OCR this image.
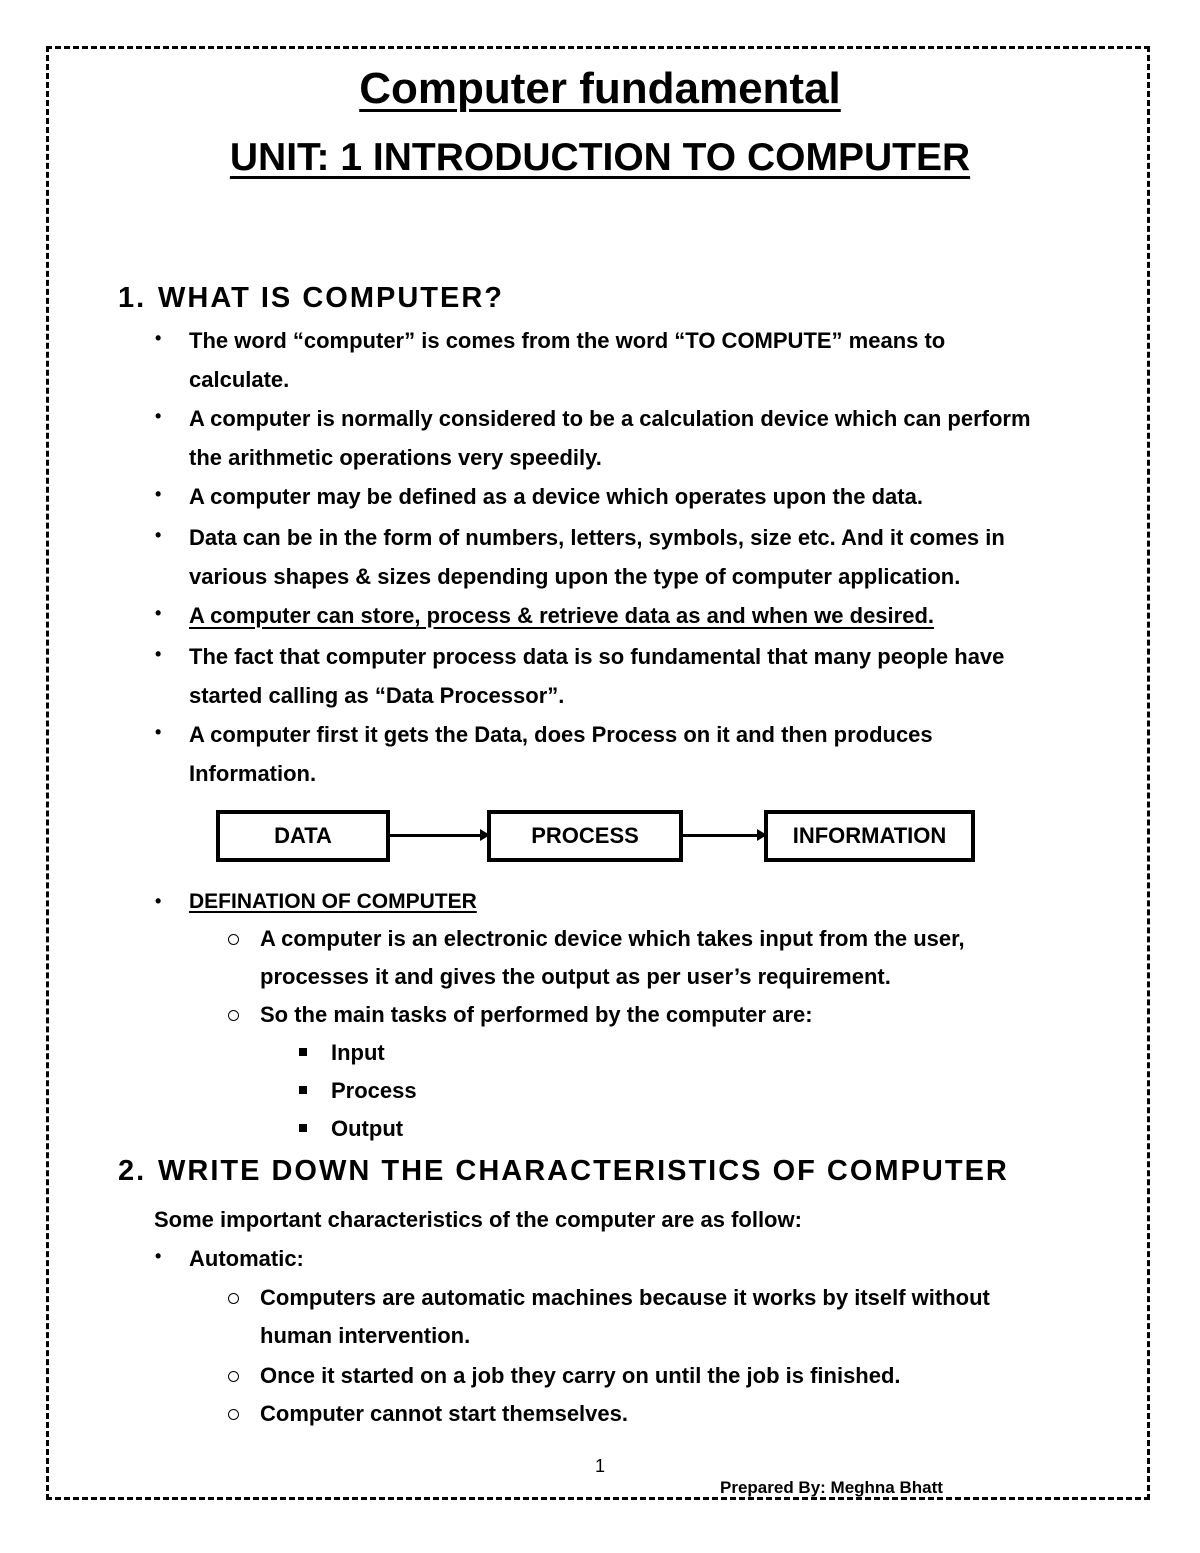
Computer fundamental
UNIT: 1 INTRODUCTION TO COMPUTER
1. WHAT IS COMPUTER?
• The word “computer” is comes from the word “TO COMPUTE” means to
calculate.
• A computer is normally considered to be a calculation device which can perform
the arithmetic operations very speedily.
• A computer may be defined as a device which operates upon the data.
• Data can be in the form of numbers, letters, symbols, size etc. And it comes in
various shapes & sizes depending upon the type of computer application.
• A computer can store, process & retrieve data as and when we desired.
• The fact that computer process data is so fundamental that many people have
started calling as “Data Processor”.
• A computer first it gets the Data, does Process on it and then produces
Information.
DATA	PROCESS	INFORMATION
• DEFINATION OF COMPUTER
A computer is an electronic device which takes input from the user,
processes it and gives the output as per user’s requirement.
So the main tasks of performed by the computer are:
Input
Process
Output
2. WRITE DOWN THE CHARACTERISTICS OF COMPUTER
Some important characteristics of the computer are as follow:
• Automatic:
Computers are automatic machines because it works by itself without
human intervention.
Once it started on a job they carry on until the job is finished.
Computer cannot start themselves.
1
Prepared By: Meghna Bhatt
